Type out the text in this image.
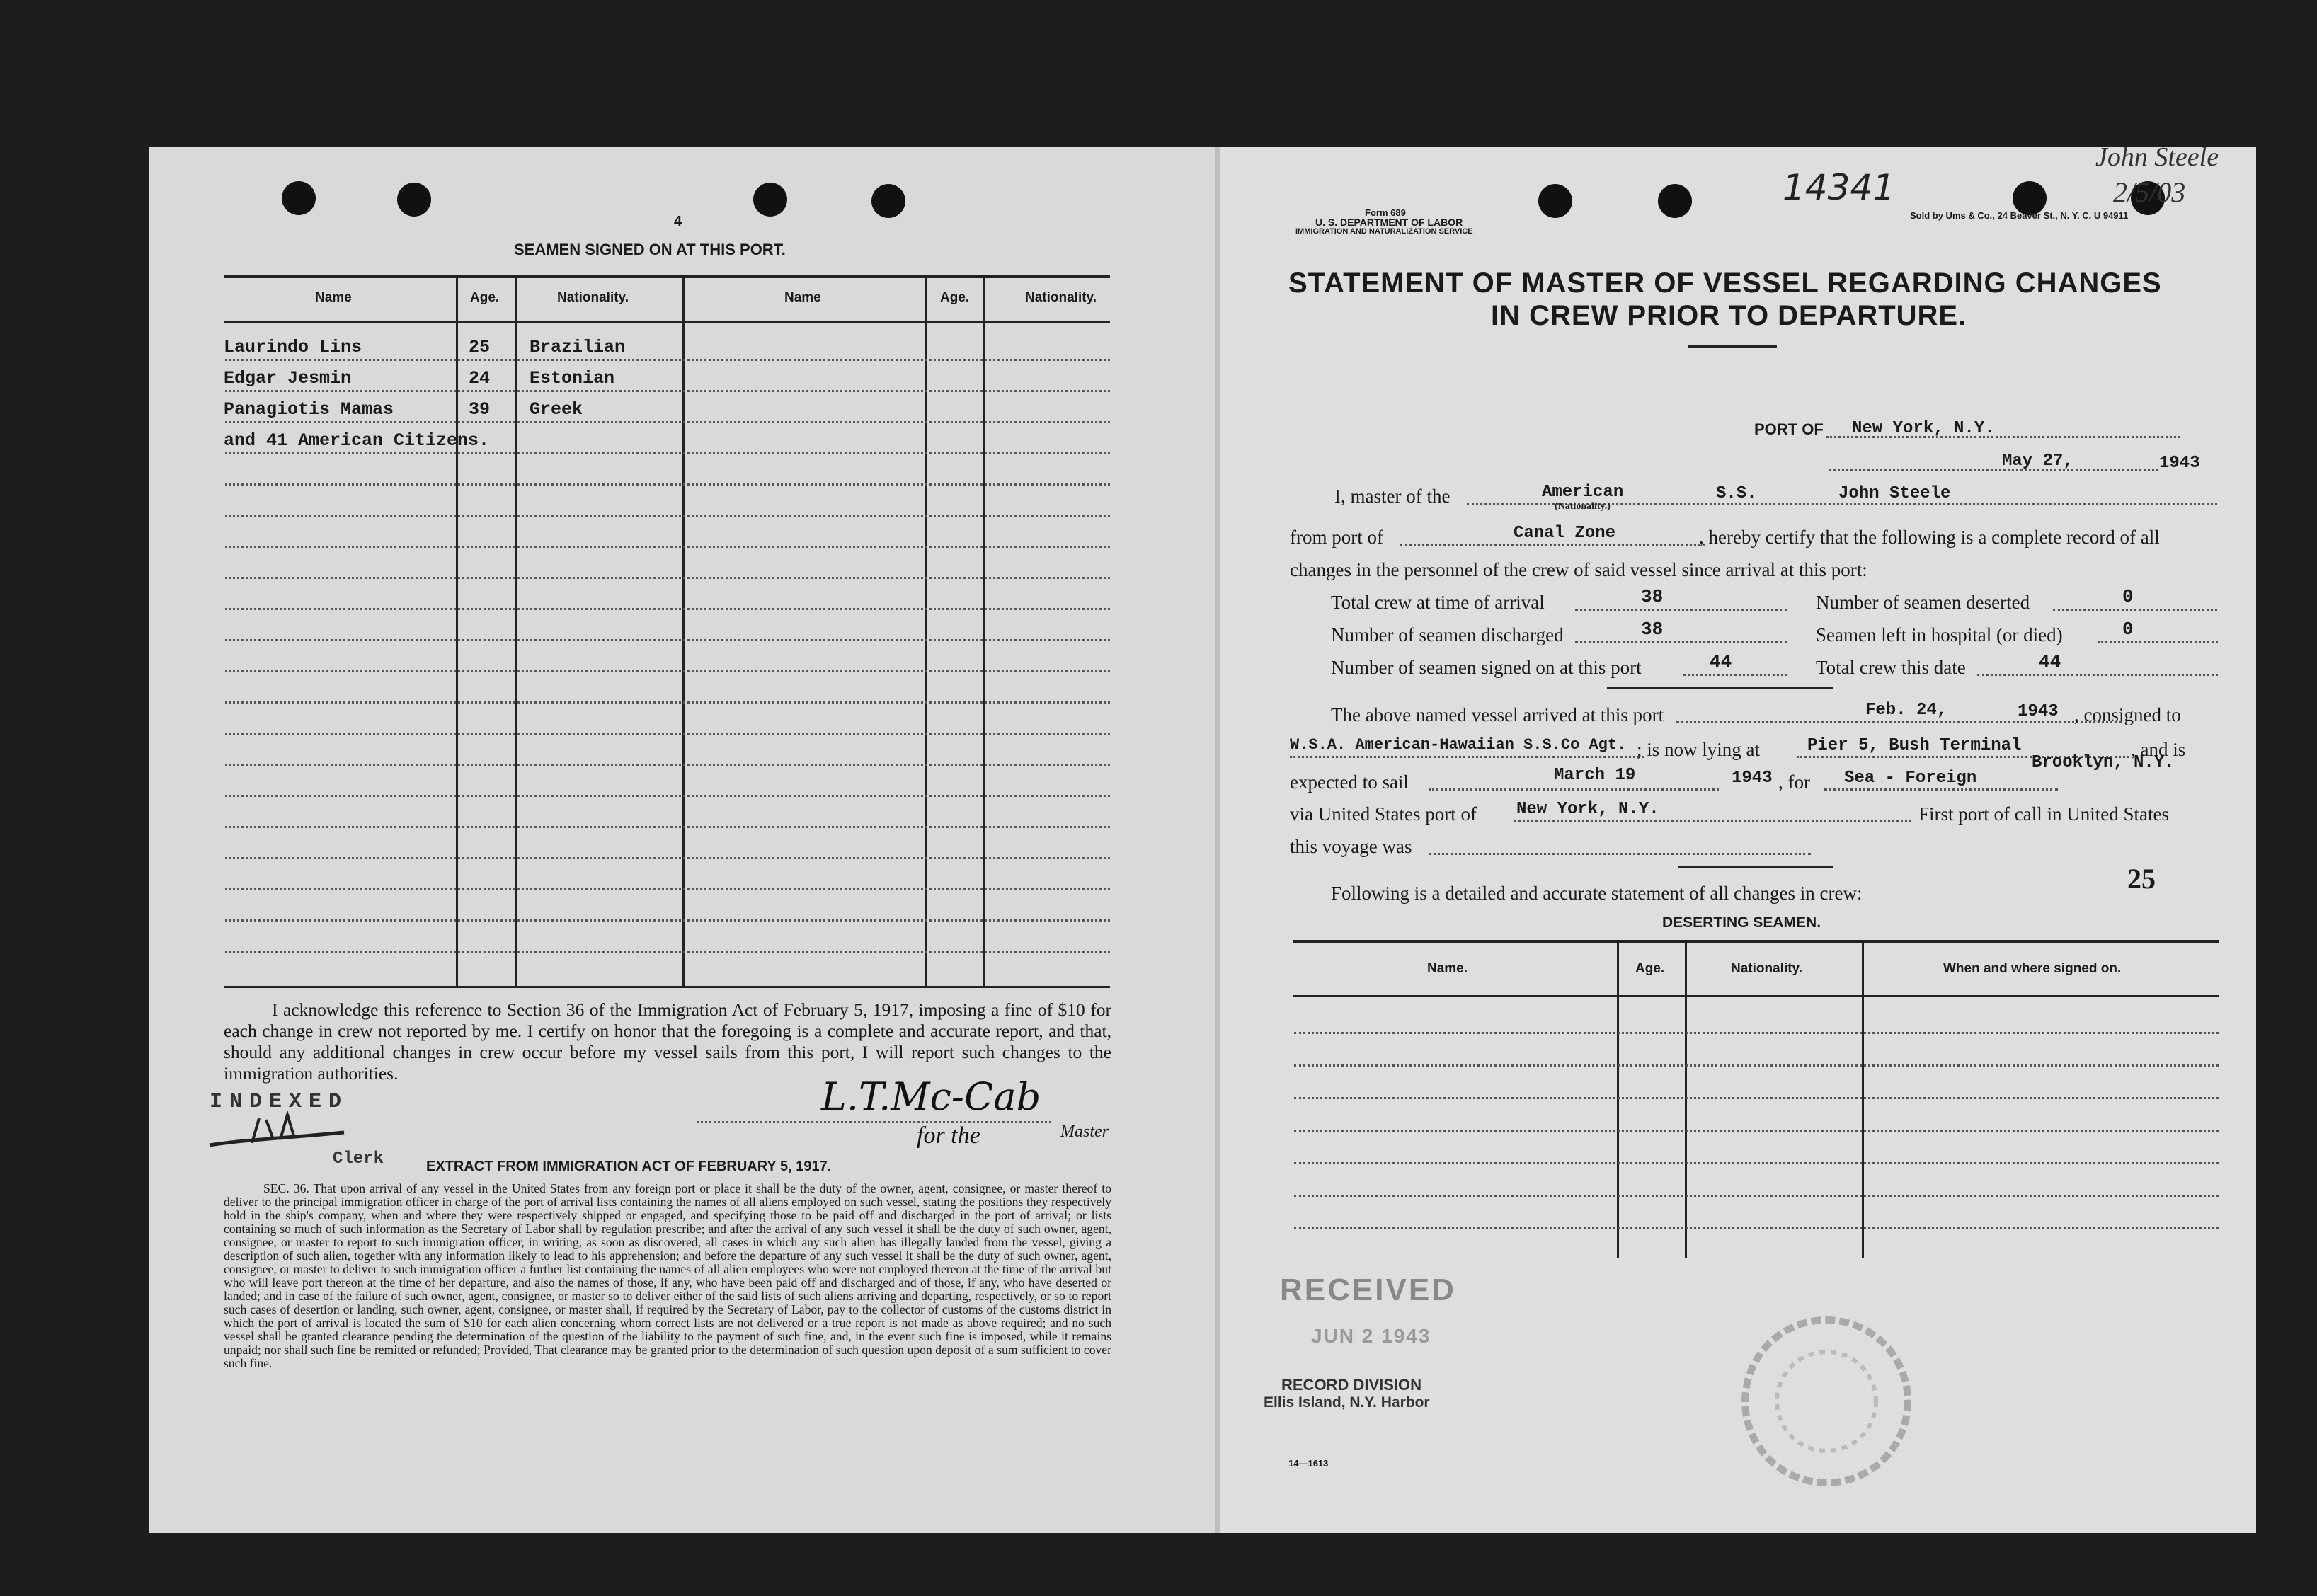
4
SEAMEN SIGNED ON AT THIS PORT.
Name	Age.	Nationality.	Name	Age.	Nationality.
Laurindo Lins	25 Brazilian
Edgar Jesmin	24 Estonian
Panagiotis Mamas	39 Greek
and 41 American Citizens.
I acknowledge this reference to Section 36 of the Immigration Act of February 5, 1917, imposing a fine of $10 for each change in crew not reported by me. I certify on honor that the foregoing is a complete and accurate report, and that, should any additional changes in crew occur before my vessel sails from this port, I will report such changes to the immigration authorities.
INDEXED
Clerk
L.T.Mc-Cab
for the	Master
EXTRACT FROM IMMIGRATION ACT OF FEBRUARY 5, 1917.
SEC. 36. That upon arrival of any vessel in the United States from any foreign port or place it shall be the duty of the owner, agent, consignee, or master thereof to deliver to the principal immigration officer in charge of the port of arrival lists containing the names of all aliens employed on such vessel, stating the positions they respectively hold in the ship's company, when and where they were respectively shipped or engaged, and specifying those to be paid off and discharged in the port of arrival; or lists containing so much of such information as the Secretary of Labor shall by regulation prescribe; and after the arrival of any such vessel it shall be the duty of such owner, agent, consignee, or master to report to such immigration officer, in writing, as soon as discovered, all cases in which any such alien has illegally landed from the vessel, giving a description of such alien, together with any information likely to lead to his apprehension; and before the departure of any such vessel it shall be the duty of such owner, agent, consignee, or master to deliver to such immigration officer a further list containing the names of all alien employees who were not employed thereon at the time of the arrival but who will leave port thereon at the time of her departure, and also the names of those, if any, who have been paid off and discharged and of those, if any, who have deserted or landed; and in case of the failure of such owner, agent, consignee, or master so to deliver either of the said lists of such aliens arriving and departing, respectively, or so to report such cases of desertion or landing, such owner, agent, consignee, or master shall, if required by the Secretary of Labor, pay to the collector of customs of the customs district in which the port of arrival is located the sum of $10 for each alien concerning whom correct lists are not delivered or a true report is not made as above required; and no such vessel shall be granted clearance pending the determination of the question of the liability to the payment of such fine, and, in the event such fine is imposed, while it remains unpaid; nor shall such fine be remitted or refunded; Provided, That clearance may be granted prior to the determination of such question upon deposit of a sum sufficient to cover such fine.
Form 689
U. S. DEPARTMENT OF LABOR
IMMIGRATION AND NATURALIZATION SERVICE
Sold by Ums & Co., 24 Beaver St., N. Y. C. U 94911
14341
John Steele
2/5/03
STATEMENT OF MASTER OF VESSEL REGARDING CHANGES
IN CREW PRIOR TO DEPARTURE.
PORT OF New York, N.Y.
May 27,	1943
I, master of the	American
(Nationality.)
S.S.	John Steele
from port of	Canal Zone	, hereby certify that the following is a complete record of all
changes in the personnel of the crew of said vessel since arrival at this port:
Total crew at time of arrival	38
Number of seamen discharged	38
Number of seamen signed on at this port	44
Number of seamen deserted	0
Seamen left in hospital (or died)	0
Total crew this date	44
The above named vessel arrived at this port	Feb. 24,	1943 , consigned to
W.S.A. American-Hawaiian S.S.Co Agt. ; is now lying at	Pier 5, Bush Terminal
Brooklyn, N.Y.
, and is
expected to sail	March 19	1943 , for Sea - Foreign
via United States port of New York, N.Y.	First port of call in United States
this voyage was
25
Following is a detailed and accurate statement of all changes in crew:
DESERTING SEAMEN.
Name.	Age.	Nationality.	When and where signed on.
RECEIVED
JUN 2 1943
RECORD DIVISION
Ellis Island, N.Y. Harbor
14—1613
